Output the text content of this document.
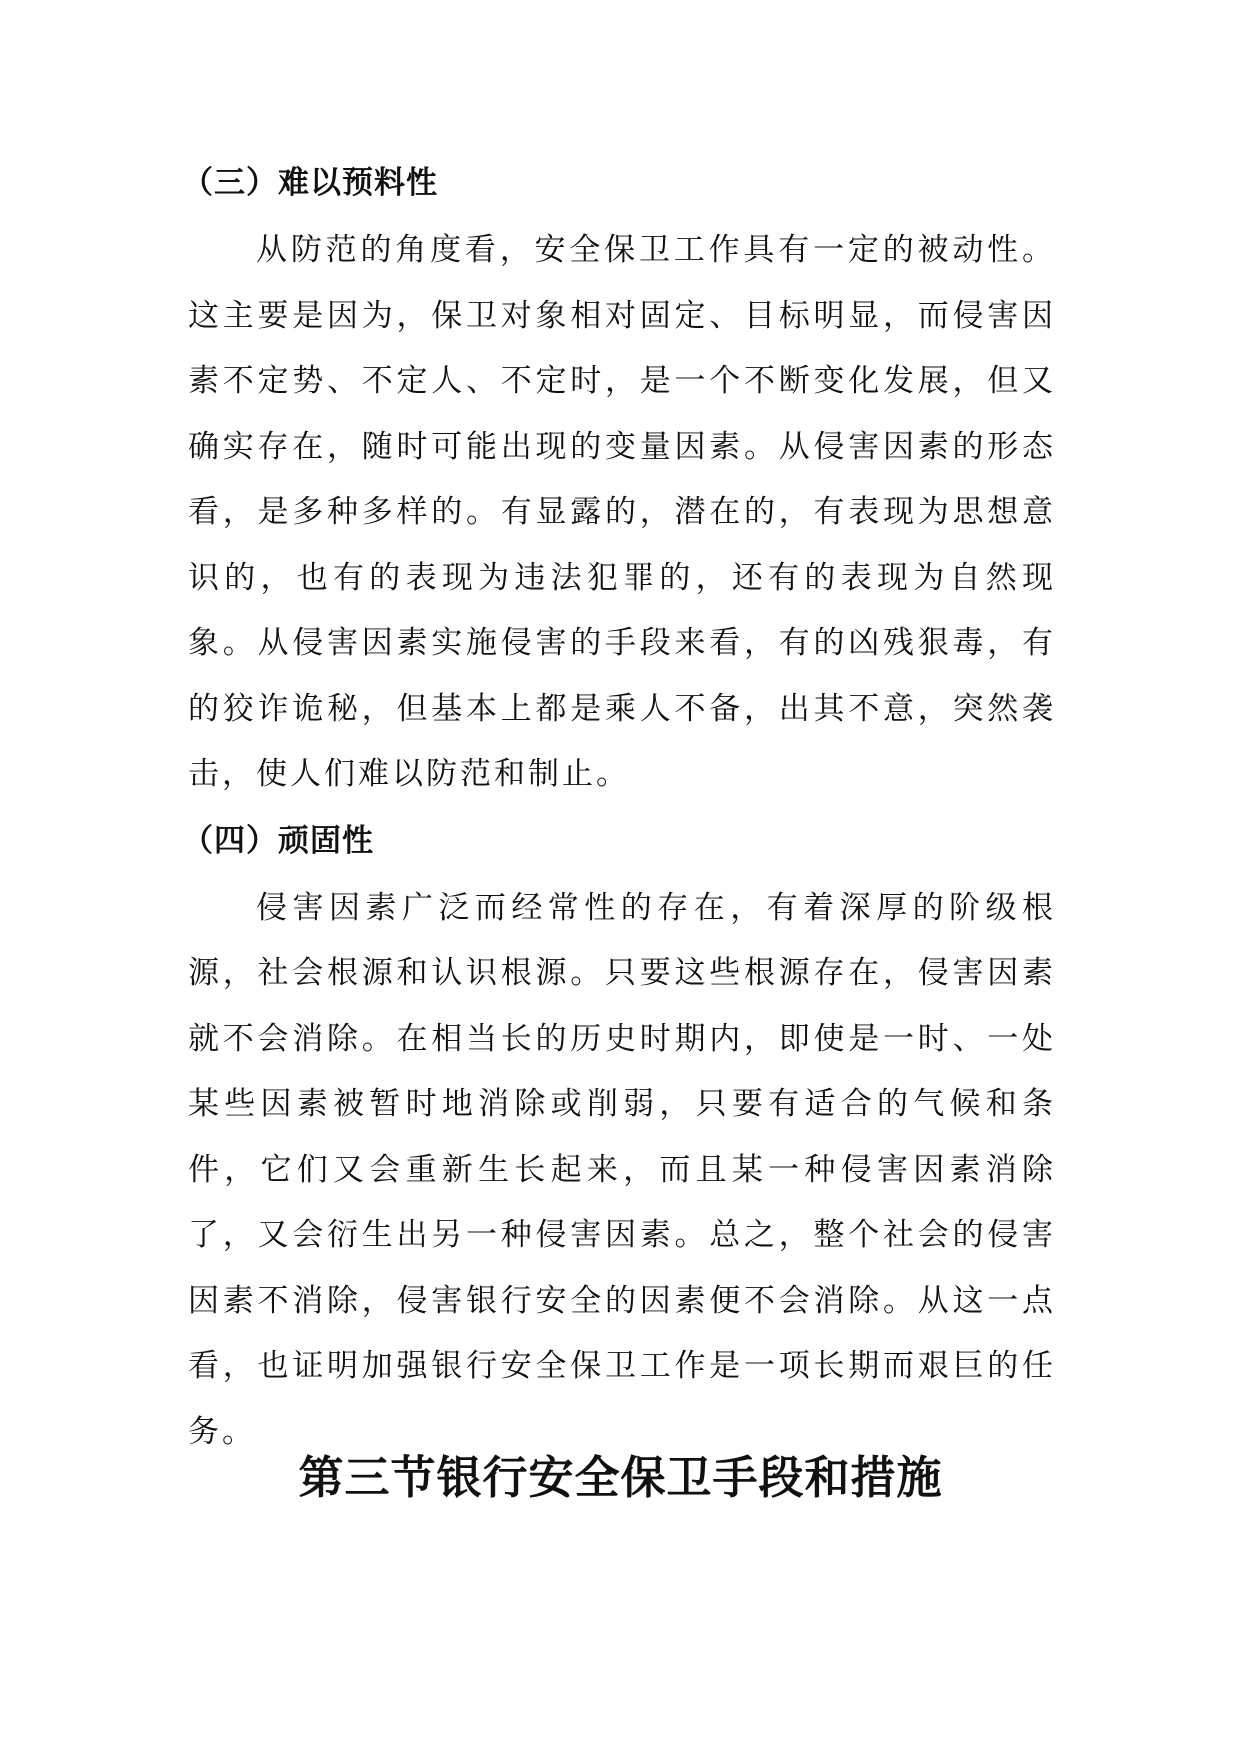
（三）难以预料性

从防范的角度看，安全保卫工作具有一定的被动性。这主要是因为，保卫对象相对固定、目标明显，而侵害因素不定势、不定人、不定时，是一个不断变化发展，但又确实存在，随时可能出现的变量因素。从侵害因素的形态看，是多种多样的。有显露的，潜在的，有表现为思想意识的，也有的表现为违法犯罪的，还有的表现为自然现象。从侵害因素实施侵害的手段来看，有的凶残狠毒，有的狡诈诡秘，但基本上都是乘人不备，出其不意，突然袭击，使人们难以防范和制止。

（四）顽固性

侵害因素广泛而经常性的存在，有着深厚的阶级根源，社会根源和认识根源。只要这些根源存在，侵害因素就不会消除。在相当长的历史时期内，即使是一时、一处某些因素被暂时地消除或削弱，只要有适合的气候和条件，它们又会重新生长起来，而且某一种侵害因素消除了，又会衍生出另一种侵害因素。总之，整个社会的侵害因素不消除，侵害银行安全的因素便不会消除。从这一点看，也证明加强银行安全保卫工作是一项长期而艰巨的任务。

第三节银行安全保卫手段和措施
